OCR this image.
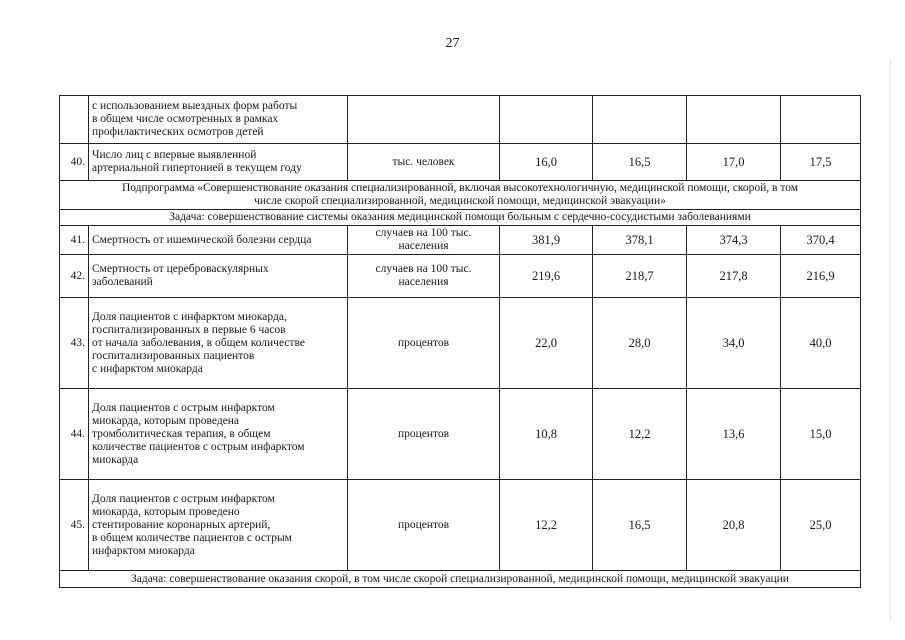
27

	с использованием выездных форм работы
в общем числе осмотренных в рамках
профилактических осмотров детей					

40.	Число лиц с впервые выявленной
артериальной гипертонией в текущем году	тыс. человек	16,0	16,5	17,0	17,5

Подпрограмма «Совершенствование оказания специализированной, включая высокотехнологичную, медицинской помощи, скорой, в том
числе скорой специализированной, медицинской помощи, медицинской эвакуации»						

Задача: совершенствование системы оказания медицинской помощи больным с сердечно-сосудистыми заболеваниями						
41.	Смертность от ишемической болезни сердца	случаев на 100 тыс.
населения	381,9	378,1	374,3	370,4
42.	Смертность от цереброваскулярных
заболеваний	случаев на 100 тыс.
населения	219,6	218,7	217,8	216,9
43.	Доля пациентов с инфарктом миокарда,
госпитализированных в первые 6 часов
от начала заболевания, в общем количестве
госпитализированных пациентов
с инфарктом миокарда	процентов	22,0	28,0	34,0	40,0
44.	Доля пациентов с острым инфарктом
миокарда, которым проведена
тромболитическая терапия, в общем
количестве пациентов с острым инфарктом
миокарда	процентов	10,8	12,2	13,6	15,0
45.	Доля пациентов с острым инфарктом
миокарда, которым проведено
стентирование коронарных артерий,
в общем количестве пациентов с острым
инфарктом миокарда	процентов	12,2	16,5	20,8	25,0
Задача: совершенствование оказания скорой, в том числе скорой специализированной, медицинской помощи, медицинской эвакуации						
